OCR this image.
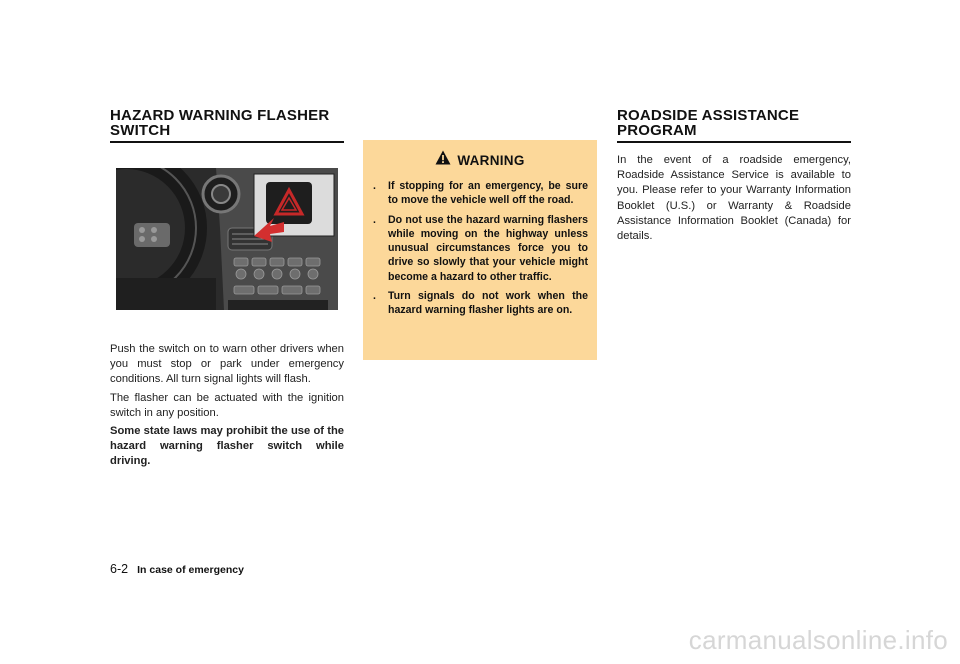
HAZARD WARNING FLASHER SWITCH

Push the switch on to warn other drivers when you must stop or park under emergency conditions. All turn signal lights will flash.

The flasher can be actuated with the ignition switch in any position.

Some state laws may prohibit the use of the hazard warning flasher switch while driving.

WARNING
. If stopping for an emergency, be sure to move the vehicle well off the road.
. Do not use the hazard warning flashers while moving on the highway unless unusual circumstances force you to drive so slowly that your vehicle might become a hazard to other traffic.
. Turn signals do not work when the hazard warning flasher lights are on.
ROADSIDE ASSISTANCE PROGRAM

In the event of a roadside emergency, Roadside Assistance Service is available to you. Please refer to your Warranty Information Booklet (U.S.) or Warranty & Roadside Assistance Information Booklet (Canada) for details.

6-2 In case of emergency
carmanualsonline.info
